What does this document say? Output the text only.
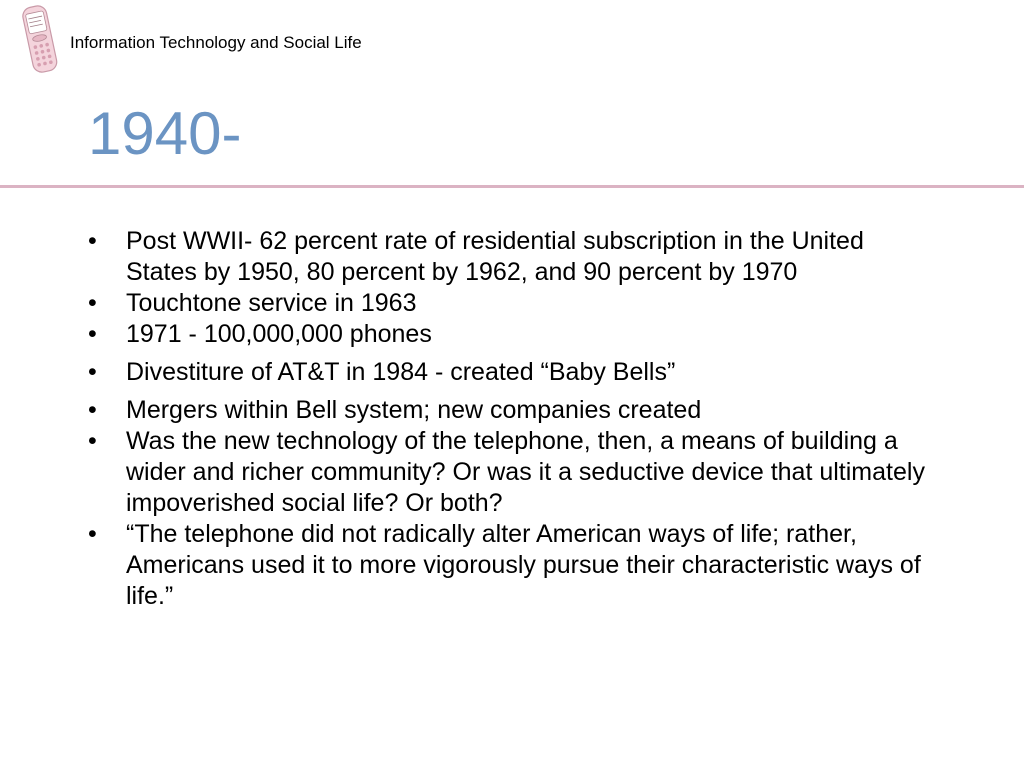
Information Technology and Social Life
1940-
•	Post WWII- 62 percent rate of residential subscription in the United States by 1950, 80 percent by 1962, and 90 percent by 1970
•	Touchtone service in 1963
•	1971 - 100,000,000 phones
•	Divestiture of AT&T in 1984 - created “Baby Bells”
•	Mergers within Bell system; new companies created
•	Was the new technology of the telephone, then, a means of building a wider and richer community? Or was it a seductive device that ultimately impoverished social life? Or both?
•	“The telephone did not radically alter American ways of life; rather, Americans used it to more vigorously pursue their characteristic ways of life.”
